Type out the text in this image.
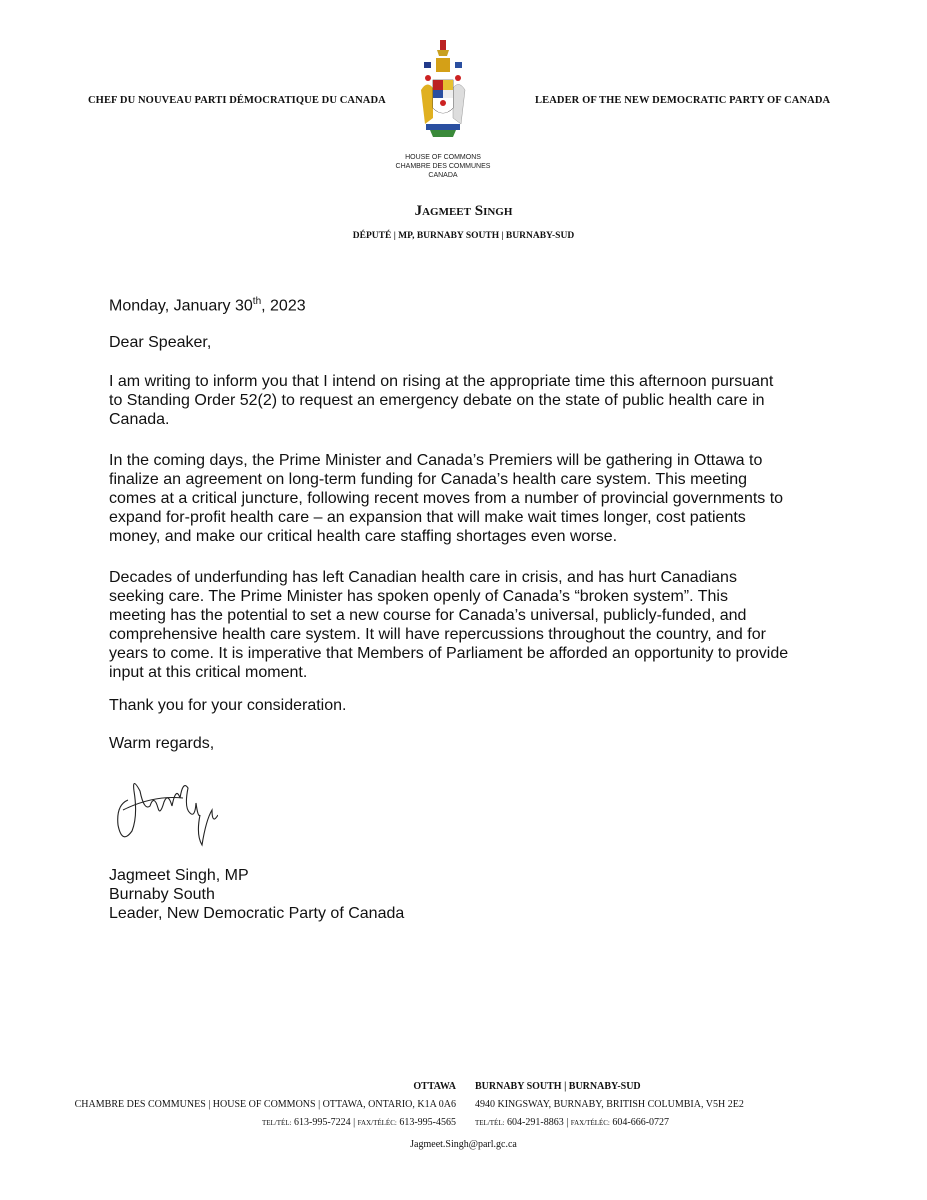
CHEF DU NOUVEAU PARTI DÉMOCRATIQUE DU CANADA	LEADER OF THE NEW DEMOCRATIC PARTY OF CANADA
HOUSE OF COMMONS
CHAMBRE DES COMMUNES
CANADA
Jagmeet Singh
DÉPUTÉ | MP, BURNABY SOUTH | BURNABY-SUD
Monday, January 30th, 2023
Dear Speaker,
I am writing to inform you that I intend on rising at the appropriate time this afternoon pursuant
to Standing Order 52(2) to request an emergency debate on the state of public health care in
Canada.
In the coming days, the Prime Minister and Canada’s Premiers will be gathering in Ottawa to
finalize an agreement on long-term funding for Canada’s health care system. This meeting
comes at a critical juncture, following recent moves from a number of provincial governments to
expand for-profit health care – an expansion that will make wait times longer, cost patients
money, and make our critical health care staffing shortages even worse.
Decades of underfunding has left Canadian health care in crisis, and has hurt Canadians
seeking care. The Prime Minister has spoken openly of Canada’s “broken system”. This
meeting has the potential to set a new course for Canada’s universal, publicly-funded, and
comprehensive health care system. It will have repercussions throughout the country, and for
years to come. It is imperative that Members of Parliament be afforded an opportunity to provide
input at this critical moment.
Thank you for your consideration.
Warm regards,
Jagmeet Singh, MP
Burnaby South
Leader, New Democratic Party of Canada
OTTAWA
CHAMBRE DES COMMUNES | HOUSE OF COMMONS | OTTAWA, ONTARIO, K1A 0A6
TEL/TÉL: 613-995-7224 | FAX/TÉLÉC: 613-995-4565
BURNABY SOUTH | BURNABY-SUD
4940 KINGSWAY, BURNABY, BRITISH COLUMBIA, V5H 2E2
TEL/TÉL: 604-291-8863 | FAX/TÉLÉC: 604-666-0727
Jagmeet.Singh@parl.gc.ca
